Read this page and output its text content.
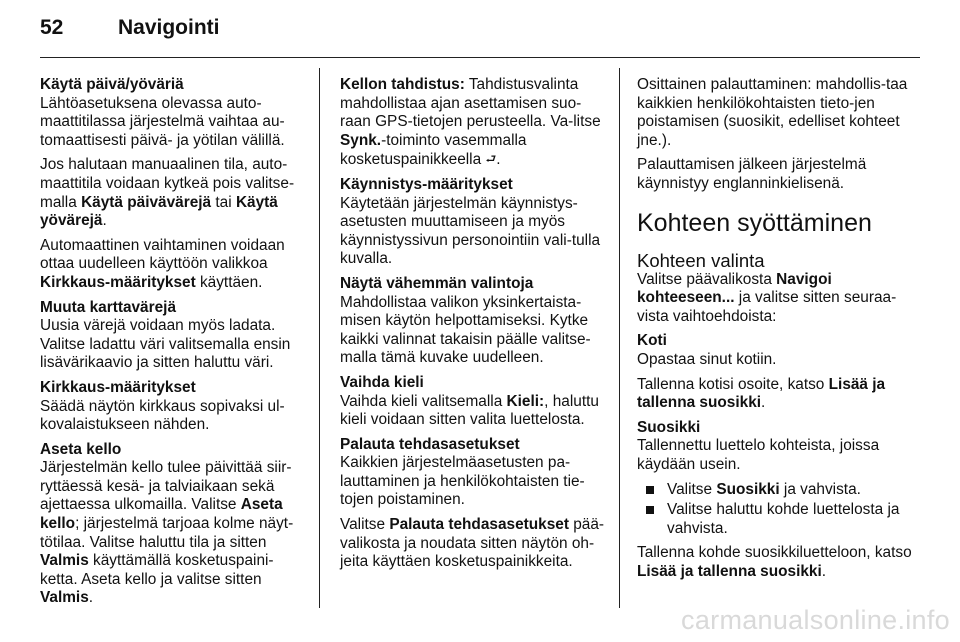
52	Navigointi
Käytä päivä/yöväriä
Lähtöasetuksena olevassa auto-maattitilassa järjestelmä vaihtaa au-tomaattisesti päivä- ja yötilan välillä.
Jos halutaan manuaalinen tila, auto-maattitila voidaan kytkeä pois valitse-malla Käytä päivävärejä tai Käytä yövärejä.
Automaattinen vaihtaminen voidaan ottaa uudelleen käyttöön valikkoa Kirkkaus-määritykset käyttäen.
Muuta karttavärejä
Uusia värejä voidaan myös ladata. Valitse ladattu väri valitsemalla ensin lisävärikaavio ja sitten haluttu väri.
Kirkkaus-määritykset
Säädä näytön kirkkaus sopivaksi ul-kovalaistukseen nähden.
Aseta kello
Järjestelmän kello tulee päivittää siir-ryttäessä kesä- ja talviaikaan sekä ajettaessa ulkomailla. Valitse Aseta kello; järjestelmä tarjoaa kolme näyt-tötilaa. Valitse haluttu tila ja sitten Valmis käyttämällä kosketuspaini-ketta. Aseta kello ja valitse sitten Valmis.
Kellon tahdistus: Tahdistusvalinta mahdollistaa ajan asettamisen suo-raan GPS-tietojen perusteella. Va-litse Synk.-toiminto vasemmalla kosketuspainikkeella ⮐.
Käynnistys-määritykset
Käytetään järjestelmän käynnistys-asetusten muuttamiseen ja myös käynnistyssivun personointiin vali-tulla kuvalla.
Näytä vähemmän valintoja
Mahdollistaa valikon yksinkertaista-misen käytön helpottamiseksi. Kytke kaikki valinnat takaisin päälle valitse-malla tämä kuvake uudelleen.
Vaihda kieli
Vaihda kieli valitsemalla Kieli:, haluttu kieli voidaan sitten valita luettelosta.
Palauta tehdasasetukset
Kaikkien järjestelmäasetusten pa-lauttaminen ja henkilökohtaisten tie-tojen poistaminen.
Valitse Palauta tehdasasetukset pää-valikosta ja noudata sitten näytön oh-jeita käyttäen kosketuspainikkeita.
Osittainen palauttaminen: mahdollis-taa kaikkien henkilökohtaisten tieto-jen poistamisen (suosikit, edelliset kohteet jne.).
Palauttamisen jälkeen järjestelmä käynnistyy englanninkielisenä.
Kohteen syöttäminen
Kohteen valinta
Valitse päävalikosta Navigoi kohteeseen... ja valitse sitten seuraa-vista vaihtoehdoista:
Koti
Opastaa sinut kotiin.
Tallenna kotisi osoite, katso Lisää ja tallenna suosikki.
Suosikki
Tallennettu luettelo kohteista, joissa käydään usein.
Valitse Suosikki ja vahvista.
Valitse haluttu kohde luettelosta ja vahvista.
Tallenna kohde suosikkiluetteloon, katso Lisää ja tallenna suosikki.
carmanualsonline.info
